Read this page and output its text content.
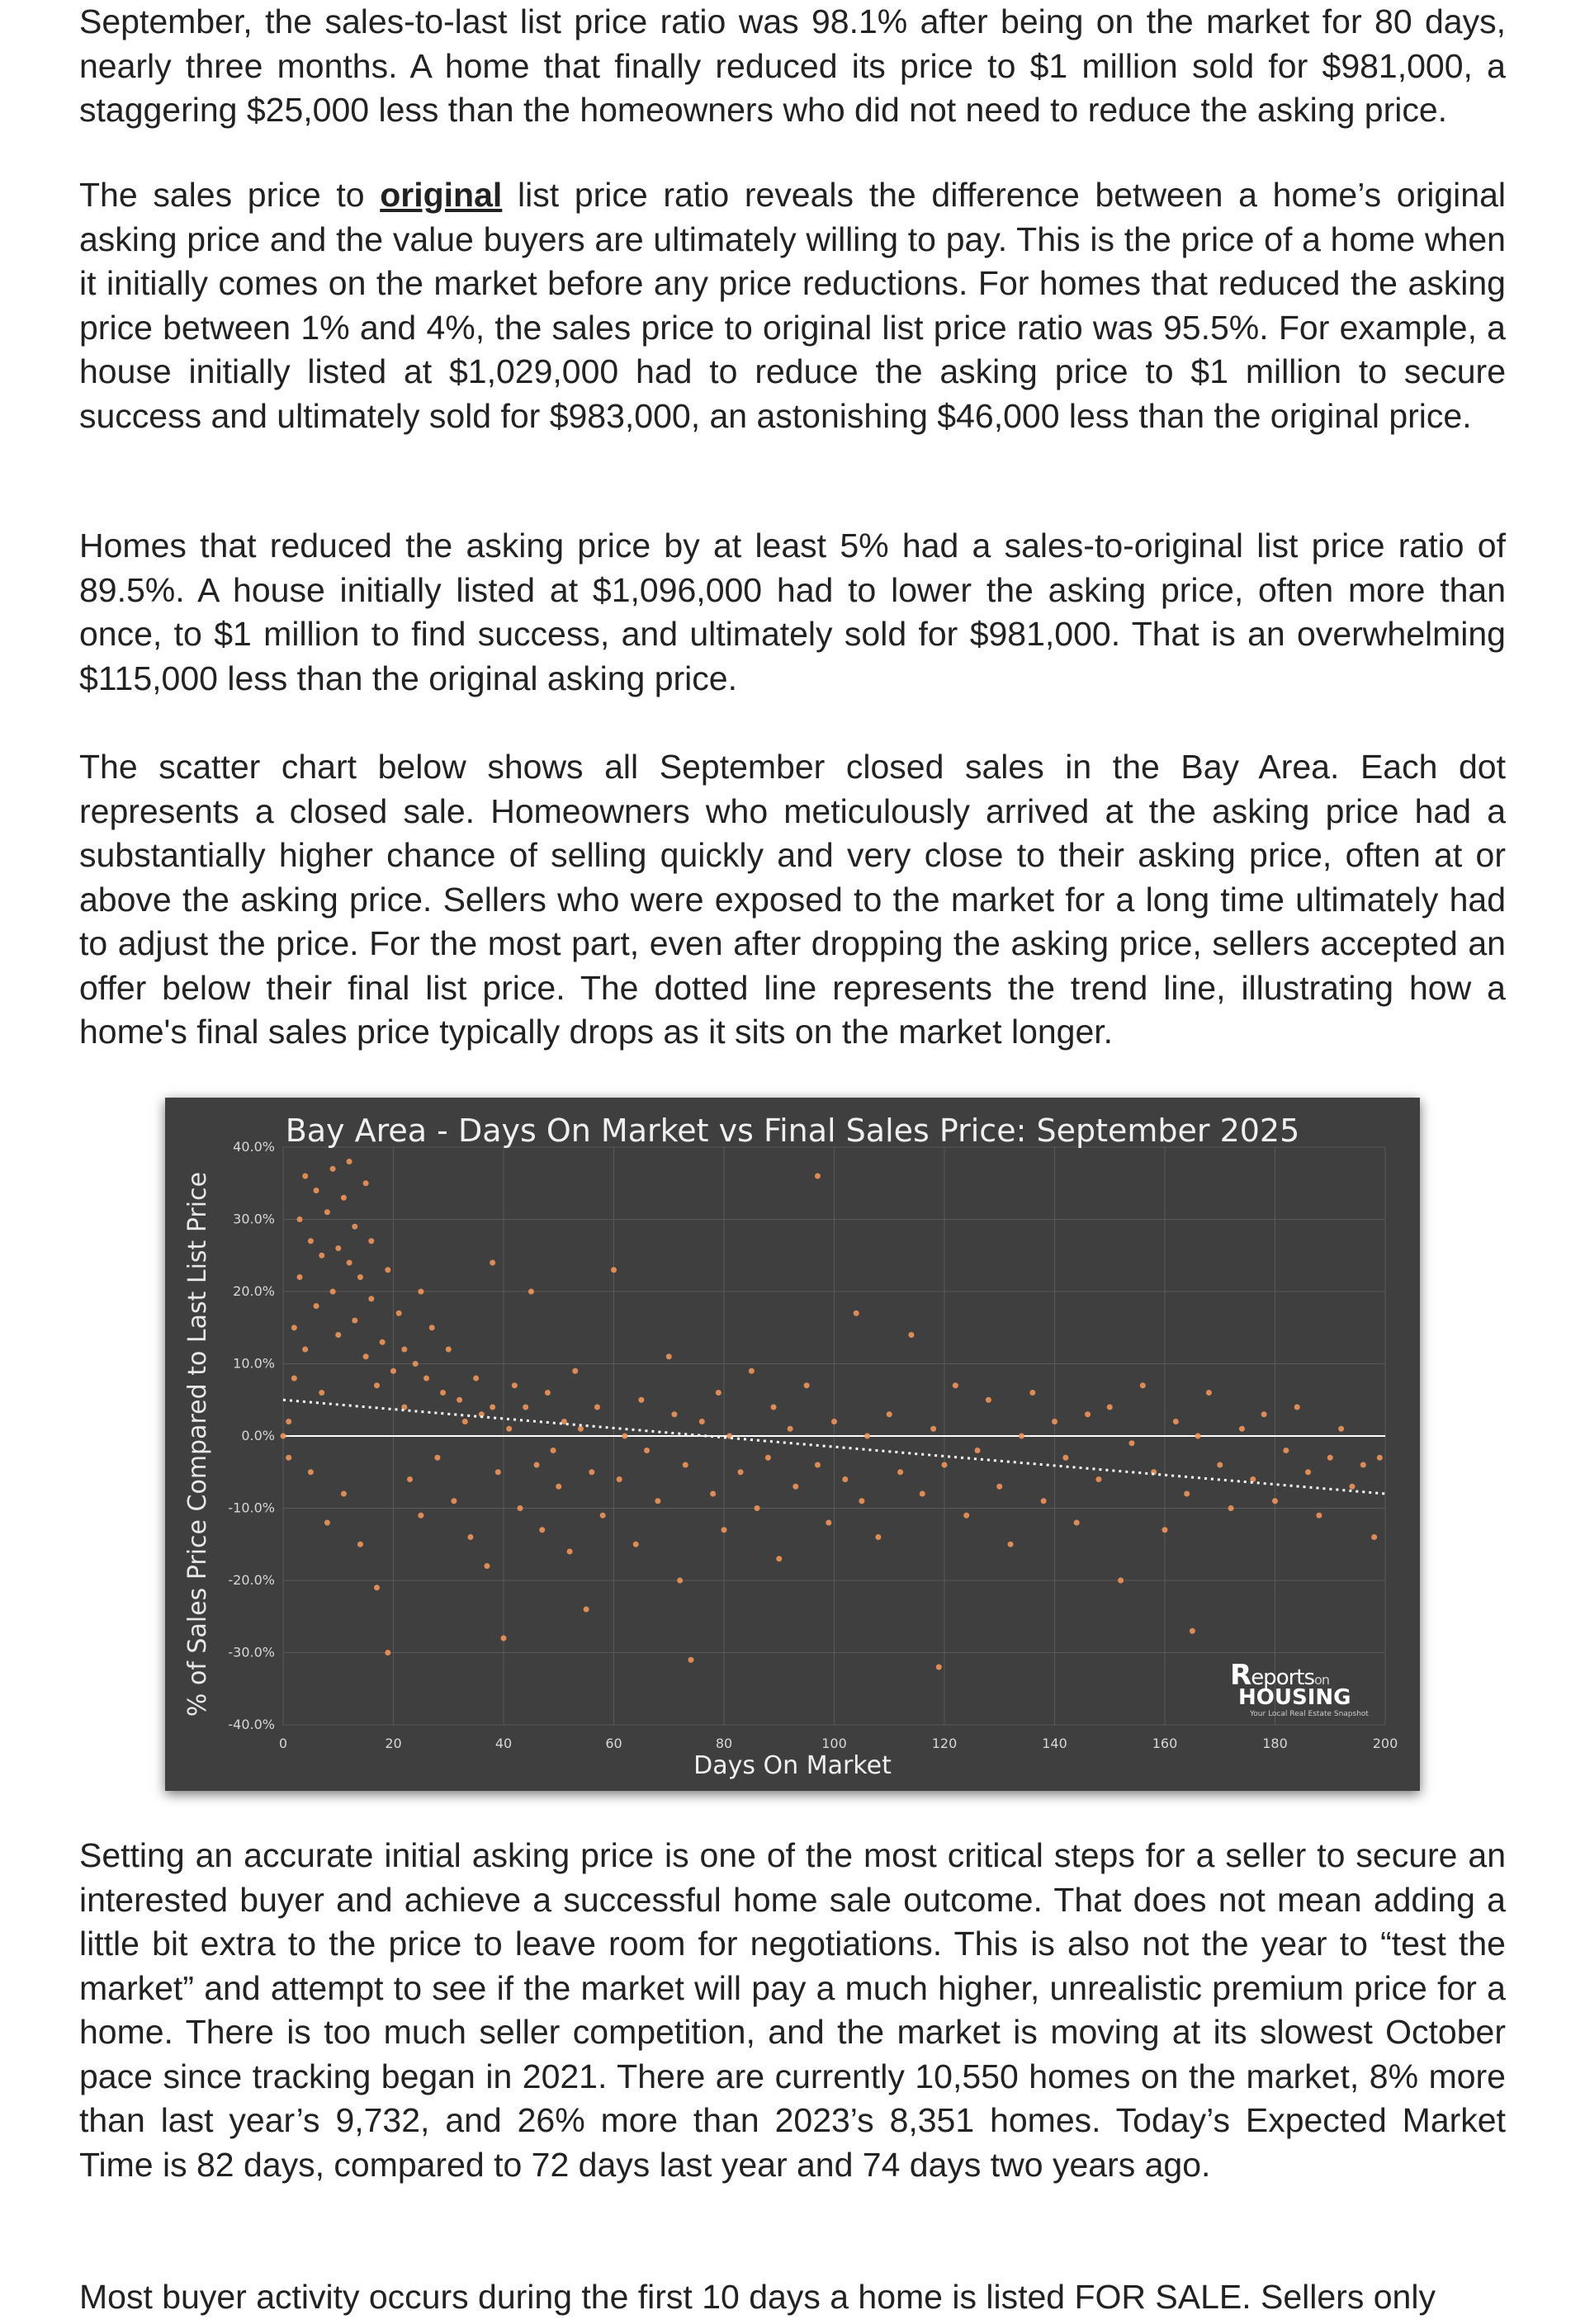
September, the sales-to-last list price ratio was 98.1% after being on the market for 80 days, nearly three months. A home that finally reduced its price to $1 million sold for $981,000, a staggering $25,000 less than the homeowners who did not need to reduce the asking price.

The sales price to original list price ratio reveals the difference between a home’s original asking price and the value buyers are ultimately willing to pay. This is the price of a home when it initially comes on the market before any price reductions. For homes that reduced the asking price between 1% and 4%, the sales price to original list price ratio was 95.5%. For example, a house initially listed at $1,029,000 had to reduce the asking price to $1 million to secure success and ultimately sold for $983,000, an astonishing $46,000 less than the original price.

Homes that reduced the asking price by at least 5% had a sales-to-original list price ratio of 89.5%. A house initially listed at $1,096,000 had to lower the asking price, often more than once, to $1 million to find success, and ultimately sold for $981,000. That is an overwhelming $115,000 less than the original asking price.

The scatter chart below shows all September closed sales in the Bay Area. Each dot represents a closed sale. Homeowners who meticulously arrived at the asking price had a substantially higher chance of selling quickly and very close to their asking price, often at or above the asking price. Sellers who were exposed to the market for a long time ultimately had to adjust the price. For the most part, even after dropping the asking price, sellers accepted an offer below their final list price. The dotted line represents the trend line, illustrating how a home's final sales price typically drops as it sits on the market longer.

0	20	40	60	80	100	120	140	160	180	200
40.0%
30.0%
20.0%
10.0%
0.0%
-10.0%
-20.0%
-30.0%
-40.0%
Bay Area - Days On Market vs Final Sales Price: September 2025
% of Sales Price Compared to Last List Price
Days On Market
Reportson
HOUSING
Your Local Real Estate Snapshot

Setting an accurate initial asking price is one of the most critical steps for a seller to secure an interested buyer and achieve a successful home sale outcome. That does not mean adding a little bit extra to the price to leave room for negotiations. This is also not the year to “test the market” and attempt to see if the market will pay a much higher, unrealistic premium price for a home. There is too much seller competition, and the market is moving at its slowest October pace since tracking began in 2021. There are currently 10,550 homes on the market, 8% more than last year’s 9,732, and 26% more than 2023’s 8,351 homes. Today’s Expected Market Time is 82 days, compared to 72 days last year and 74 days two years ago.

Most buyer activity occurs during the first 10 days a home is listed FOR SALE. Sellers only
